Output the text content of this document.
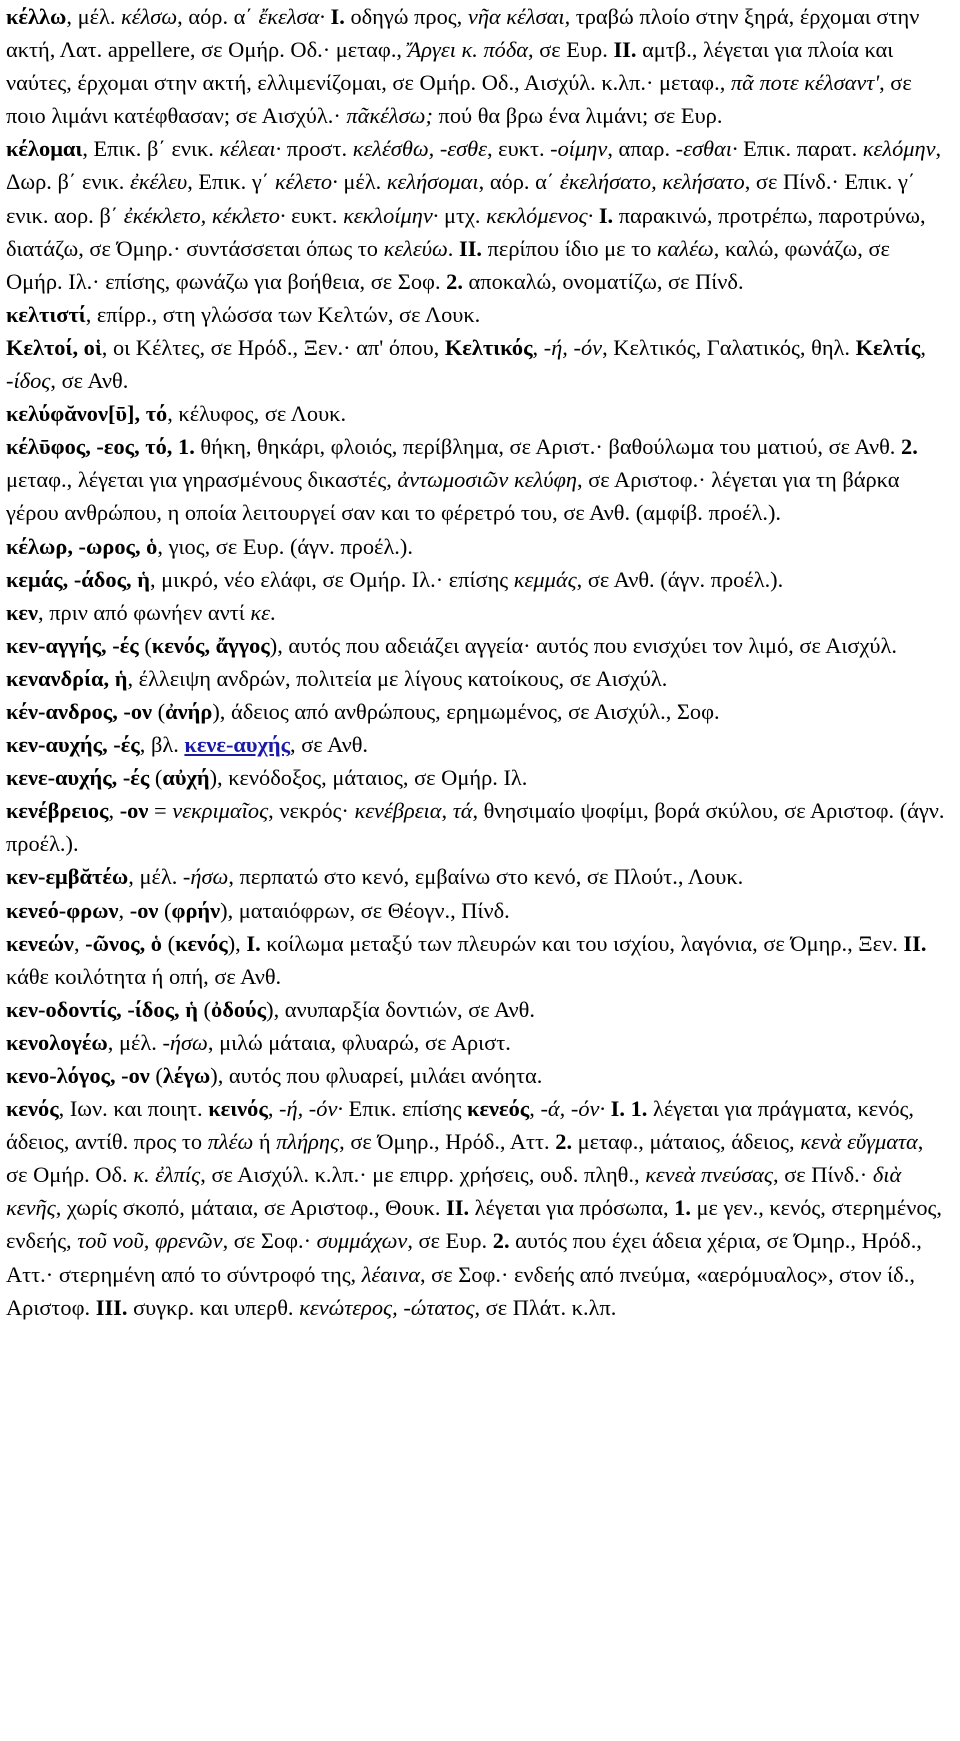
κέλλω, μέλ. κέλσω, αόρ. α΄ ἔκελσα· I. οδηγώ προς, νῆα κέλσαι, τραβώ πλοίο στην ξηρά, έρχομαι στην ακτή, Λατ. appellere, σε Ομήρ. Οδ.· μεταφ., Ἄργει κ. πόδα, σε Ευρ. II. αμτβ., λέγεται για πλοία και ναύτες, έρχομαι στην ακτή, ελλιμενίζομαι, σε Ομήρ. Οδ., Αισχύλ. κ.λπ.· μεταφ., πᾶ ποτε κέλσαντ', σε ποιο λιμάνι κατέφθασαν; σε Αισχύλ.· πᾶκέλσω; πού θα βρω ένα λιμάνι; σε Ευρ.

κέλομαι, Επικ. β΄ ενικ. κέλεαι· προστ. κελέσθω, -εσθε, ευκτ. -οίμην, απαρ. -εσθαι· Επικ. παρατ. κελόμην, Δωρ. β΄ ενικ. ἐκέλευ, Επικ. γ΄ κέλετο· μέλ. κελήσομαι, αόρ. α΄ ἐκελήσατο, κελήσατο, σε Πίνδ.· Επικ. γ΄ ενικ. αορ. β΄ ἐκέκλετο, κέκλετο· ευκτ. κεκλοίμην· μτχ. κεκλόμενος· I. παρακινώ, προτρέπω, παροτρύνω, διατάζω, σε Όμηρ.· συντάσσεται όπως το κελεύω. II. περίπου ίδιο με το καλέω, καλώ, φωνάζω, σε Ομήρ. Ιλ.· επίσης, φωνάζω για βοήθεια, σε Σοφ. 2. αποκαλώ, ονοματίζω, σε Πίνδ.

κελτιστί, επίρρ., στη γλώσσα των Κελτών, σε Λουκ.

Κελτοί, οἱ, οι Κέλτες, σε Ηρόδ., Ξεν.· απ' όπου, Κελτικός, -ή, -όν, Κελτικός, Γαλατικός, θηλ. Κελτίς, -ίδος, σε Ανθ.

κελύφᾰνον[ῡ], τό, κέλυφος, σε Λουκ.

κέλῡφος, -εος, τό, 1. θήκη, θηκάρι, φλοιός, περίβλημα, σε Αριστ.· βαθούλωμα του ματιού, σε Ανθ. 2. μεταφ., λέγεται για γηρασμένους δικαστές, ἀντωμοσιῶν κελύφη, σε Αριστοφ.· λέγεται για τη βάρκα γέρου ανθρώπου, η οποία λειτουργεί σαν και το φέρετρό του, σε Ανθ. (αμφίβ. προέλ.).

κέλωρ, -ωρος, ὁ, γιος, σε Ευρ. (άγν. προέλ.).

κεμάς, -άδος, ἡ, μικρό, νέο ελάφι, σε Ομήρ. Ιλ.· επίσης κεμμάς, σε Ανθ. (άγν. προέλ.).

κεν, πριν από φωνήεν αντί κε.

κεν-αγγής, -ές (κενός, ἄγγος), αυτός που αδειάζει αγγεία· αυτός που ενισχύει τον λιμό, σε Αισχύλ.

κενανδρία, ἡ, έλλειψη ανδρών, πολιτεία με λίγους κατοίκους, σε Αισχύλ.

κέν-ανδρος, -ον (ἀνήρ), άδειος από ανθρώπους, ερημωμένος, σε Αισχύλ., Σοφ.

κεν-αυχής, -ές, βλ. κενε-αυχής, σε Ανθ.

κενε-αυχής, -ές (αὐχή), κενόδοξος, μάταιος, σε Ομήρ. Ιλ.

κενέβρειος, -ον = νεκριμαῖος, νεκρός· κενέβρεια, τά, θνησιμαίο ψοφίμι, βορά σκύλου, σε Αριστοφ. (άγν. προέλ.).

κεν-εμβᾰτέω, μέλ. -ήσω, περπατώ στο κενό, εμβαίνω στο κενό, σε Πλούτ., Λουκ.

κενεό-φρων, -ον (φρήν), ματαιόφρων, σε Θέογν., Πίνδ.

κενεών, -ῶνος, ὁ (κενός), I. κοίλωμα μεταξύ των πλευρών και του ισχίου, λαγόνια, σε Όμηρ., Ξεν. II. κάθε κοιλότητα ή οπή, σε Ανθ.

κεν-οδοντίς, -ίδος, ἡ (ὀδούς), ανυπαρξία δοντιών, σε Ανθ.

κενολογέω, μέλ. -ήσω, μιλώ μάταια, φλυαρώ, σε Αριστ.

κενο-λόγος, -ον (λέγω), αυτός που φλυαρεί, μιλάει ανόητα.

κενός, Ιων. και ποιητ. κεινός, -ή, -όν· Επικ. επίσης κενεός, -ά, -όν· I. 1. λέγεται για πράγματα, κενός, άδειος, αντίθ. προς το πλέω ή πλήρης, σε Όμηρ., Ηρόδ., Αττ. 2. μεταφ., μάταιος, άδειος, κενὰ εὔγματα, σε Ομήρ. Οδ. κ. ἐλπίς, σε Αισχύλ. κ.λπ.· με επιρρ. χρήσεις, ουδ. πληθ., κενεὰ πνεύσας, σε Πίνδ.· διὰ κενῆς, χωρίς σκοπό, μάταια, σε Αριστοφ., Θουκ. II. λέγεται για πρόσωπα, 1. με γεν., κενός, στερημένος, ενδεής, τοῦ νοῦ, φρενῶν, σε Σοφ.· συμμάχων, σε Ευρ. 2. αυτός που έχει άδεια χέρια, σε Όμηρ., Ηρόδ., Αττ.· στερημένη από το σύντροφό της, λέαινα, σε Σοφ.· ενδεής από πνεύμα, «αερόμυαλος», στον ίδ., Αριστοφ. III. συγκρ. και υπερθ. κενώτερος, -ώτατος, σε Πλάτ. κ.λπ.
